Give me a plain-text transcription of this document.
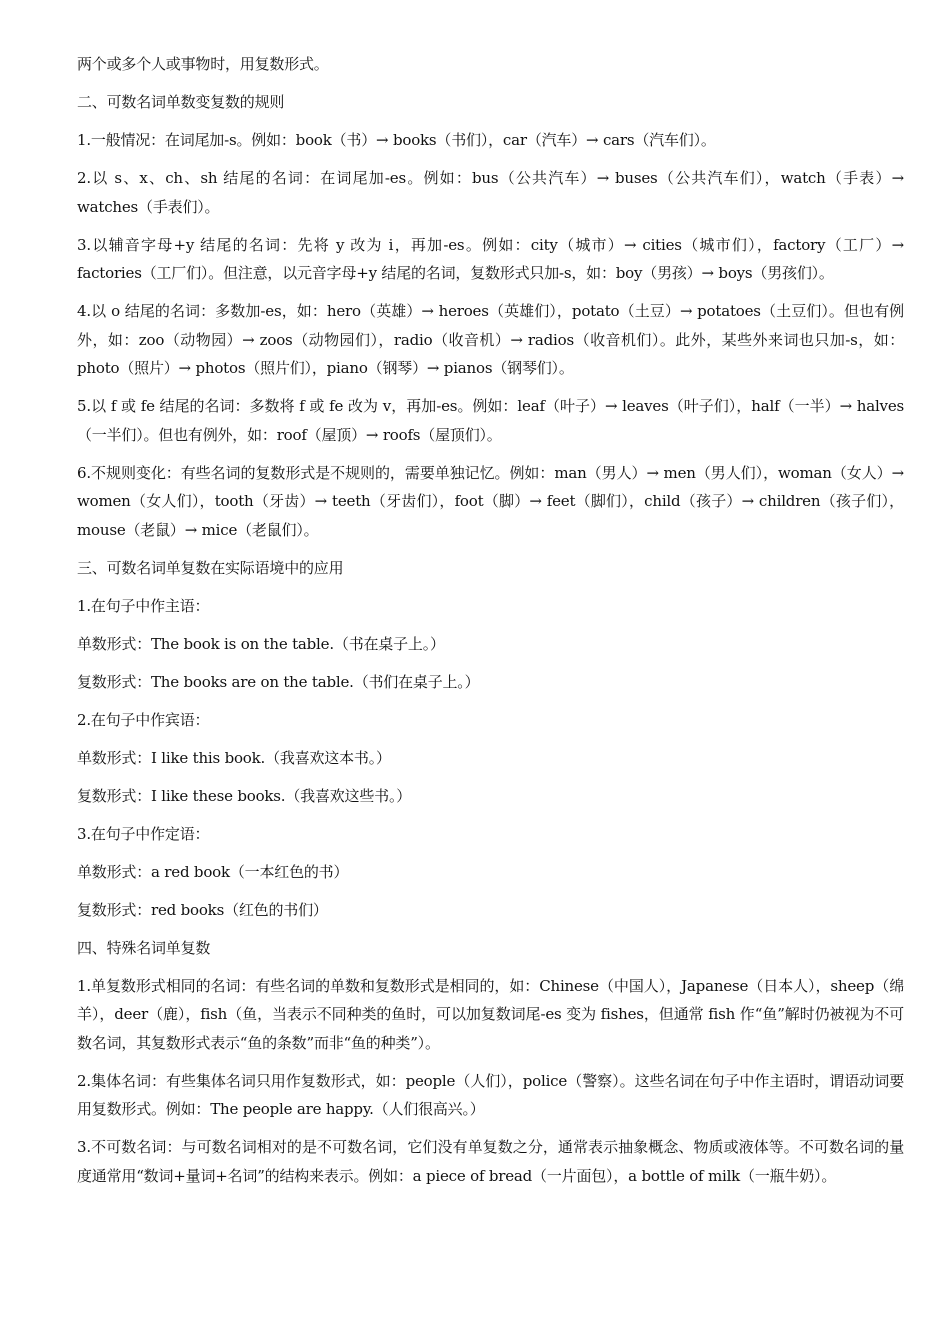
两个或多个人或事物时，用复数形式。

二、可数名词单数变复数的规则

1.一般情况：在词尾加-s。例如：book（书）→ books（书们），car（汽车）→ cars（汽车们）。

2.以 s、x、ch、sh 结尾的名词：在词尾加-es。例如：bus（公共汽车）→ buses（公共汽车们），watch（手表）→ watches（手表们）。

3.以辅音字母+y 结尾的名词：先将 y 改为 i，再加-es。例如：city（城市）→ cities（城市们），factory（工厂）→ factories（工厂们）。但注意，以元音字母+y 结尾的名词，复数形式只加-s，如：boy（男孩）→ boys（男孩们）。

4.以 o 结尾的名词：多数加-es，如：hero（英雄）→ heroes（英雄们），potato（土豆）→ potatoes（土豆们）。但也有例外，如：zoo（动物园）→ zoos（动物园们），radio（收音机）→ radios（收音机们）。此外，某些外来词也只加-s，如：photo（照片）→ photos（照片们），piano（钢琴）→ pianos（钢琴们）。

5.以 f 或 fe 结尾的名词：多数将 f 或 fe 改为 v，再加-es。例如：leaf（叶子）→ leaves（叶子们），half（一半）→ halves（一半们）。但也有例外，如：roof（屋顶）→ roofs（屋顶们）。

6.不规则变化：有些名词的复数形式是不规则的，需要单独记忆。例如：man（男人）→ men（男人们），woman（女人）→ women（女人们），tooth（牙齿）→ teeth（牙齿们），foot（脚）→ feet（脚们），child（孩子）→ children（孩子们），mouse（老鼠）→ mice（老鼠们）。

三、可数名词单复数在实际语境中的应用

1.在句子中作主语：

单数形式：The book is on the table.（书在桌子上。）

复数形式：The books are on the table.（书们在桌子上。）

2.在句子中作宾语：

单数形式：I like this book.（我喜欢这本书。）

复数形式：I like these books.（我喜欢这些书。）

3.在句子中作定语：

单数形式：a red book（一本红色的书）

复数形式：red books（红色的书们）

四、特殊名词单复数

1.单复数形式相同的名词：有些名词的单数和复数形式是相同的，如：Chinese（中国人），Japanese（日本人），sheep（绵羊），deer（鹿），fish（鱼，当表示不同种类的鱼时，可以加复数词尾-es 变为 fishes，但通常 fish 作“鱼”解时仍被视为不可数名词，其复数形式表示“鱼的条数”而非“鱼的种类”）。

2.集体名词：有些集体名词只用作复数形式，如：people（人们），police（警察）。这些名词在句子中作主语时，谓语动词要用复数形式。例如：The people are happy.（人们很高兴。）

3.不可数名词：与可数名词相对的是不可数名词，它们没有单复数之分，通常表示抽象概念、物质或液体等。不可数名词的量度通常用“数词+量词+名词”的结构来表示。例如：a piece of bread（一片面包），a bottle of milk（一瓶牛奶）。
